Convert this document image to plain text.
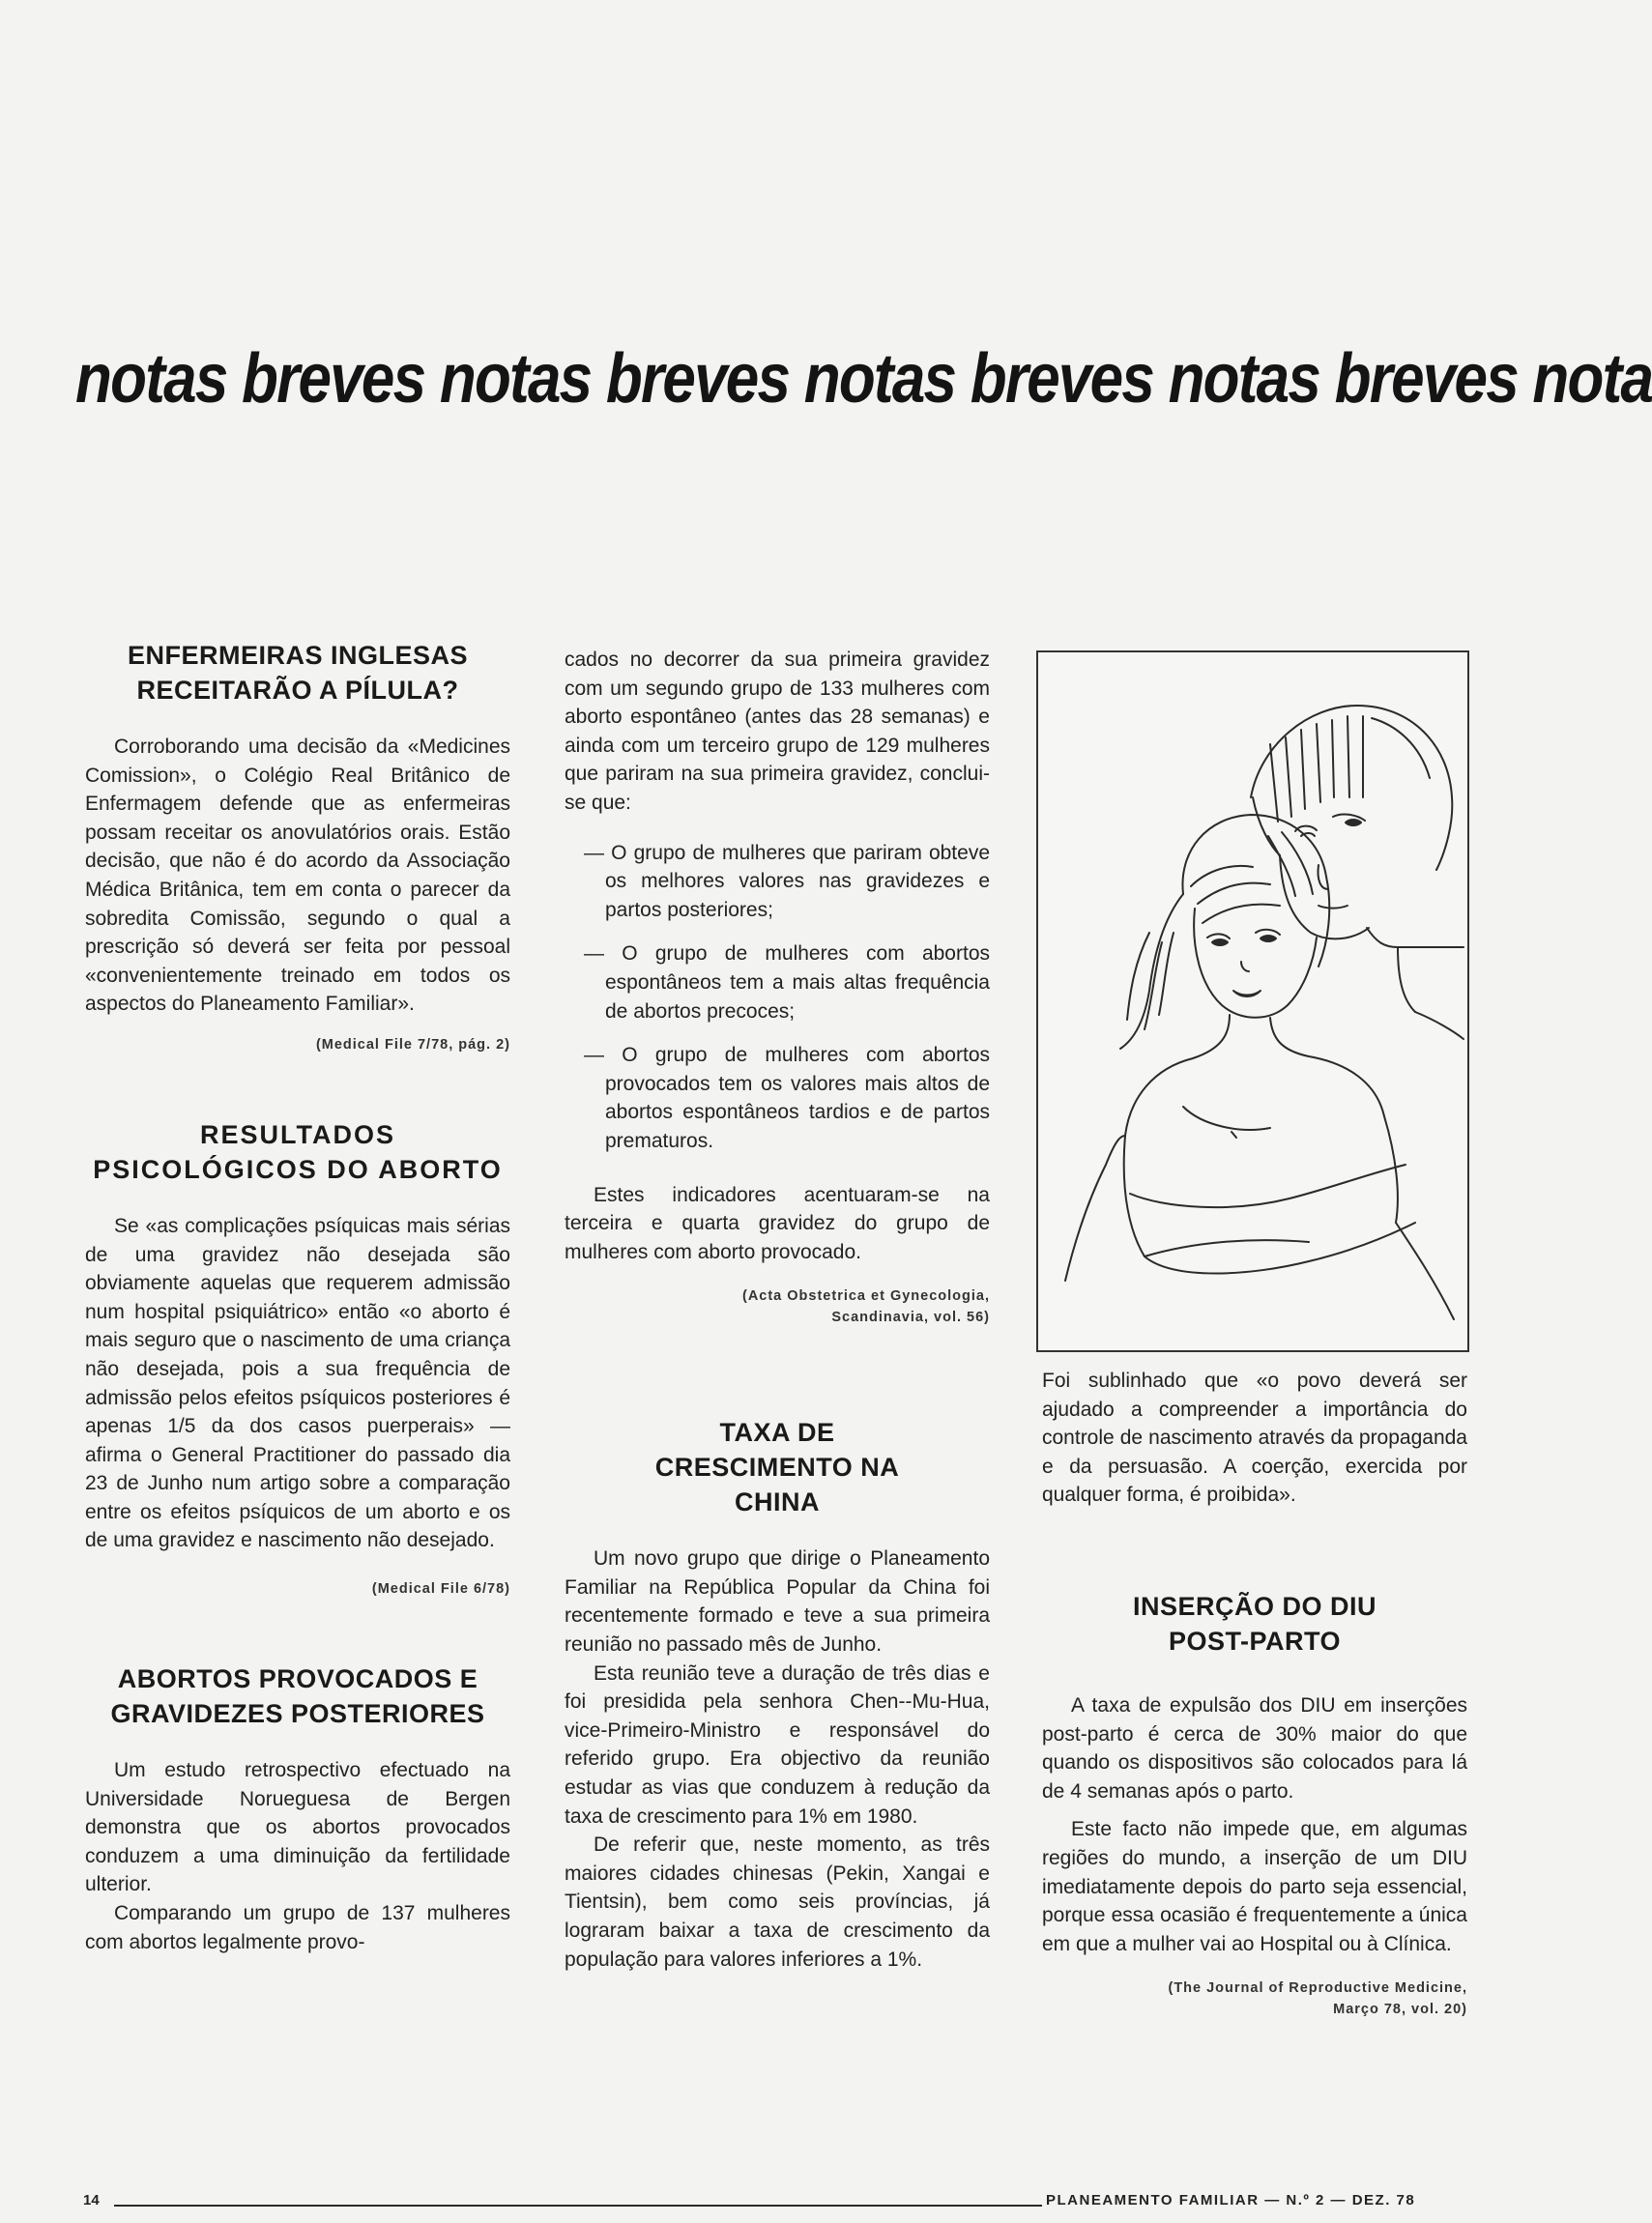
notas breves notas breves notas breves notas breves nota
ENFERMEIRAS INGLESAS RECEITARÃO A PÍLULA?

Corroborando uma decisão da «Medicines Comission», o Colégio Real Britânico de Enfermagem defende que as enfermeiras possam receitar os anovulatórios orais. Estão decisão, que não é do acordo da Associação Médica Britânica, tem em conta o parecer da sobredita Comissão, segundo o qual a prescrição só deverá ser feita por pessoal «convenientemente treinado em todos os aspectos do Planeamento Familiar».

(Medical File 7/78, pág. 2)
RESULTADOS PSICOLÓGICOS DO ABORTO

Se «as complicações psíquicas mais sérias de uma gravidez não desejada são obviamente aquelas que requerem admissão num hospital psiquiátrico» então «o aborto é mais seguro que o nascimento de uma criança não desejada, pois a sua frequência de admissão pelos efeitos psíquicos posteriores é apenas 1/5 da dos casos puerperais» — afirma o General Practitioner do passado dia 23 de Junho num artigo sobre a comparação entre os efeitos psíquicos de um aborto e os de uma gravidez e nascimento não desejado.

(Medical File 6/78)
ABORTOS PROVOCADOS E GRAVIDEZES POSTERIORES

Um estudo retrospectivo efectuado na Universidade Norueguesa de Bergen demonstra que os abortos provocados conduzem a uma diminuição da fertilidade ulterior.

Comparando um grupo de 137 mulheres com abortos legalmente provo-

cados no decorrer da sua primeira gravidez com um segundo grupo de 133 mulheres com aborto espontâneo (antes das 28 semanas) e ainda com um terceiro grupo de 129 mulheres que pariram na sua primeira gravidez, conclui-se que:

— O grupo de mulheres que pariram obteve os melhores valores nas gravidezes e partos posteriores;
— O grupo de mulheres com abortos espontâneos tem a mais altas frequência de abortos precoces;
— O grupo de mulheres com abortos provocados tem os valores mais altos de abortos espontâneos tardios e de partos prematuros.

Estes indicadores acentuaram-se na terceira e quarta gravidez do grupo de mulheres com aborto provocado.

(Acta Obstetrica et Gynecologia, Scandinavia, vol. 56)
TAXA DE CRESCIMENTO NA CHINA

Um novo grupo que dirige o Planeamento Familiar na República Popular da China foi recentemente formado e teve a sua primeira reunião no passado mês de Junho.

Esta reunião teve a duração de três dias e foi presidida pela senhora Chen--Mu-Hua, vice-Primeiro-Ministro e responsável do referido grupo. Era objectivo da reunião estudar as vias que conduzem à redução da taxa de crescimento para 1% em 1980.

De referir que, neste momento, as três maiores cidades chinesas (Pekin, Xangai e Tientsin), bem como seis províncias, já lograram baixar a taxa de crescimento da população para valores inferiores a 1%.

Foi sublinhado que «o povo deverá ser ajudado a compreender a importância do controle de nascimento através da propaganda e da persuasão. A coerção, exercida por qualquer forma, é proibida».

INSERÇÃO DO DIU POST-PARTO

A taxa de expulsão dos DIU em inserções post-parto é cerca de 30% maior do que quando os dispositivos são colocados para lá de 4 semanas após o parto.

Este facto não impede que, em algumas regiões do mundo, a inserção de um DIU imediatamente depois do parto seja essencial, porque essa ocasião é frequentemente a única em que a mulher vai ao Hospital ou à Clínica.

(The Journal of Reproductive Medicine, Março 78, vol. 20)
14	PLANEAMENTO FAMILIAR — N.º 2 — DEZ. 78
